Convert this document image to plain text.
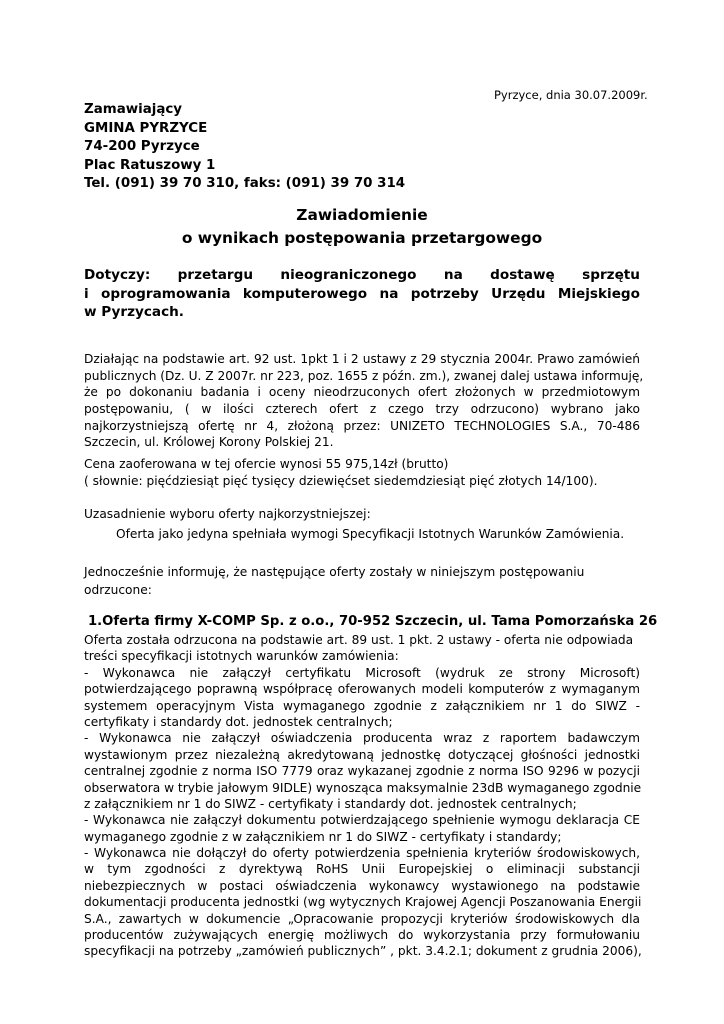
Pyrzyce, dnia 30.07.2009r.
Zamawiający
GMINA PYRZYCE
74-200 Pyrzyce
Plac Ratuszowy 1
Tel. (091) 39 70 310, faks: (091) 39 70 314
Zawiadomienie
o wynikach postępowania przetargowego
Dotyczy: przetargu nieograniczonego na dostawę sprzętu
i oprogramowania komputerowego na potrzeby Urzędu Miejskiego
w Pyrzycach.
Działając na podstawie art. 92 ust. 1pkt 1 i 2 ustawy z 29 stycznia 2004r. Prawo zamówień
publicznych (Dz. U. Z 2007r. nr 223, poz. 1655 z późn. zm.), zwanej dalej ustawa informuję,
że po dokonaniu badania i oceny nieodrzuconych ofert złożonych w przedmiotowym
postępowaniu, ( w ilości czterech ofert z czego trzy odrzucono) wybrano jako
najkorzystniejszą ofertę nr 4, złożoną przez: UNIZETO TECHNOLOGIES S.A., 70-486
Szczecin, ul. Królowej Korony Polskiej 21.
Cena zaoferowana w tej ofercie wynosi 55 975,14zł (brutto)
( słownie: pięćdziesiąt pięć tysięcy dziewięćset siedemdziesiąt pięć złotych 14/100).
Uzasadnienie wyboru oferty najkorzystniejszej:
Oferta jako jedyna spełniała wymogi Specyfikacji Istotnych Warunków Zamówienia.
Jednocześnie informuję, że następujące oferty zostały w niniejszym postępowaniu
odrzucone:
1.Oferta firmy X-COMP Sp. z o.o., 70-952 Szczecin, ul. Tama Pomorzańska 26
Oferta została odrzucona na podstawie art. 89 ust. 1 pkt. 2 ustawy - oferta nie odpowiada
treści specyfikacji istotnych warunków zamówienia:
- Wykonawca nie załączył certyfikatu Microsoft (wydruk ze strony Microsoft)
potwierdzającego poprawną współpracę oferowanych modeli komputerów z wymaganym
systemem operacyjnym Vista wymaganego zgodnie z załącznikiem nr 1 do SIWZ -
certyfikaty i standardy dot. jednostek centralnych;
- Wykonawca nie załączył oświadczenia producenta wraz z raportem badawczym
wystawionym przez niezależną akredytowaną jednostkę dotyczącej głośności jednostki
centralnej zgodnie z norma ISO 7779 oraz wykazanej zgodnie z norma ISO 9296 w pozycji
obserwatora w trybie jałowym 9IDLE) wynosząca maksymalnie 23dB wymaganego zgodnie
z załącznikiem nr 1 do SIWZ - certyfikaty i standardy dot. jednostek centralnych;
- Wykonawca nie załączył dokumentu potwierdzającego spełnienie wymogu deklaracja CE
wymaganego zgodnie z w załącznikiem nr 1 do SIWZ - certyfikaty i standardy;
- Wykonawca nie dołączył do oferty potwierdzenia spełnienia kryteriów środowiskowych,
w tym zgodności z dyrektywą RoHS Unii Europejskiej o eliminacji substancji
niebezpiecznych w postaci oświadczenia wykonawcy wystawionego na podstawie
dokumentacji producenta jednostki (wg wytycznych Krajowej Agencji Poszanowania Energii
S.A., zawartych w dokumencie „Opracowanie propozycji kryteriów środowiskowych dla
producentów zużywających energię możliwych do wykorzystania przy formułowaniu
specyfikacji na potrzeby „zamówień publicznych” , pkt. 3.4.2.1; dokument z grudnia 2006),
